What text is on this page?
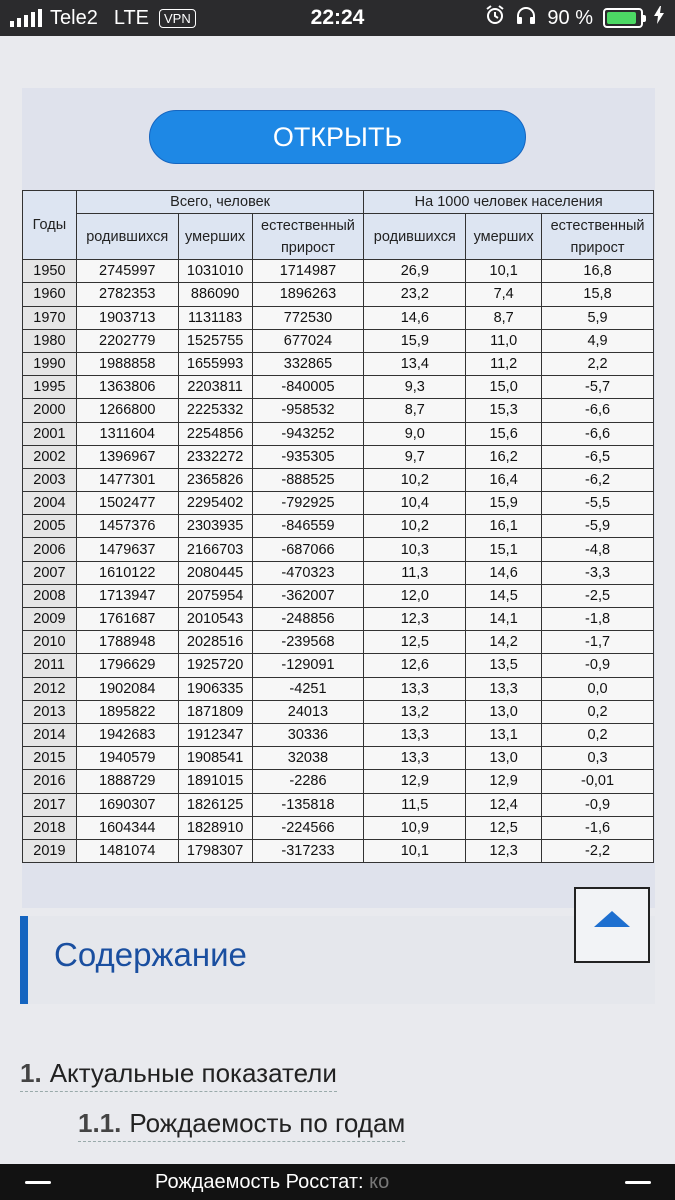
Tele2 LTE	VPN	22:24	90 %
ОТКРЫТЬ
Годы	Всего, человек			На 1000 человек населения		
	родившихся	умерших	естественный прирост	родившихся	умерших	естественный прирост
1950	2745997	1031010	1714987	26,9	10,1	16,8
1960	2782353	886090	1896263	23,2	7,4	15,8
1970	1903713	1131183	772530	14,6	8,7	5,9
1980	2202779	1525755	677024	15,9	11,0	4,9
1990	1988858	1655993	332865	13,4	11,2	2,2
1995	1363806	2203811	-840005	9,3	15,0	-5,7
2000	1266800	2225332	-958532	8,7	15,3	-6,6
2001	1311604	2254856	-943252	9,0	15,6	-6,6
2002	1396967	2332272	-935305	9,7	16,2	-6,5
2003	1477301	2365826	-888525	10,2	16,4	-6,2
2004	1502477	2295402	-792925	10,4	15,9	-5,5
2005	1457376	2303935	-846559	10,2	16,1	-5,9
2006	1479637	2166703	-687066	10,3	15,1	-4,8
2007	1610122	2080445	-470323	11,3	14,6	-3,3
2008	1713947	2075954	-362007	12,0	14,5	-2,5
2009	1761687	2010543	-248856	12,3	14,1	-1,8
2010	1788948	2028516	-239568	12,5	14,2	-1,7
2011	1796629	1925720	-129091	12,6	13,5	-0,9
2012	1902084	1906335	-4251	13,3	13,3	0,0
2013	1895822	1871809	24013	13,2	13,0	0,2
2014	1942683	1912347	30336	13,3	13,1	0,2
2015	1940579	1908541	32038	13,3	13,0	0,3
2016	1888729	1891015	-2286	12,9	12,9	-0,01
2017	1690307	1826125	-135818	11,5	12,4	-0,9
2018	1604344	1828910	-224566	10,9	12,5	-1,6
2019	1481074	1798307	-317233	10,1	12,3	-2,2
Содержание
1. Актуальные показатели
1.1. Рождаемость по годам
Рождаемость Росстат: ко
